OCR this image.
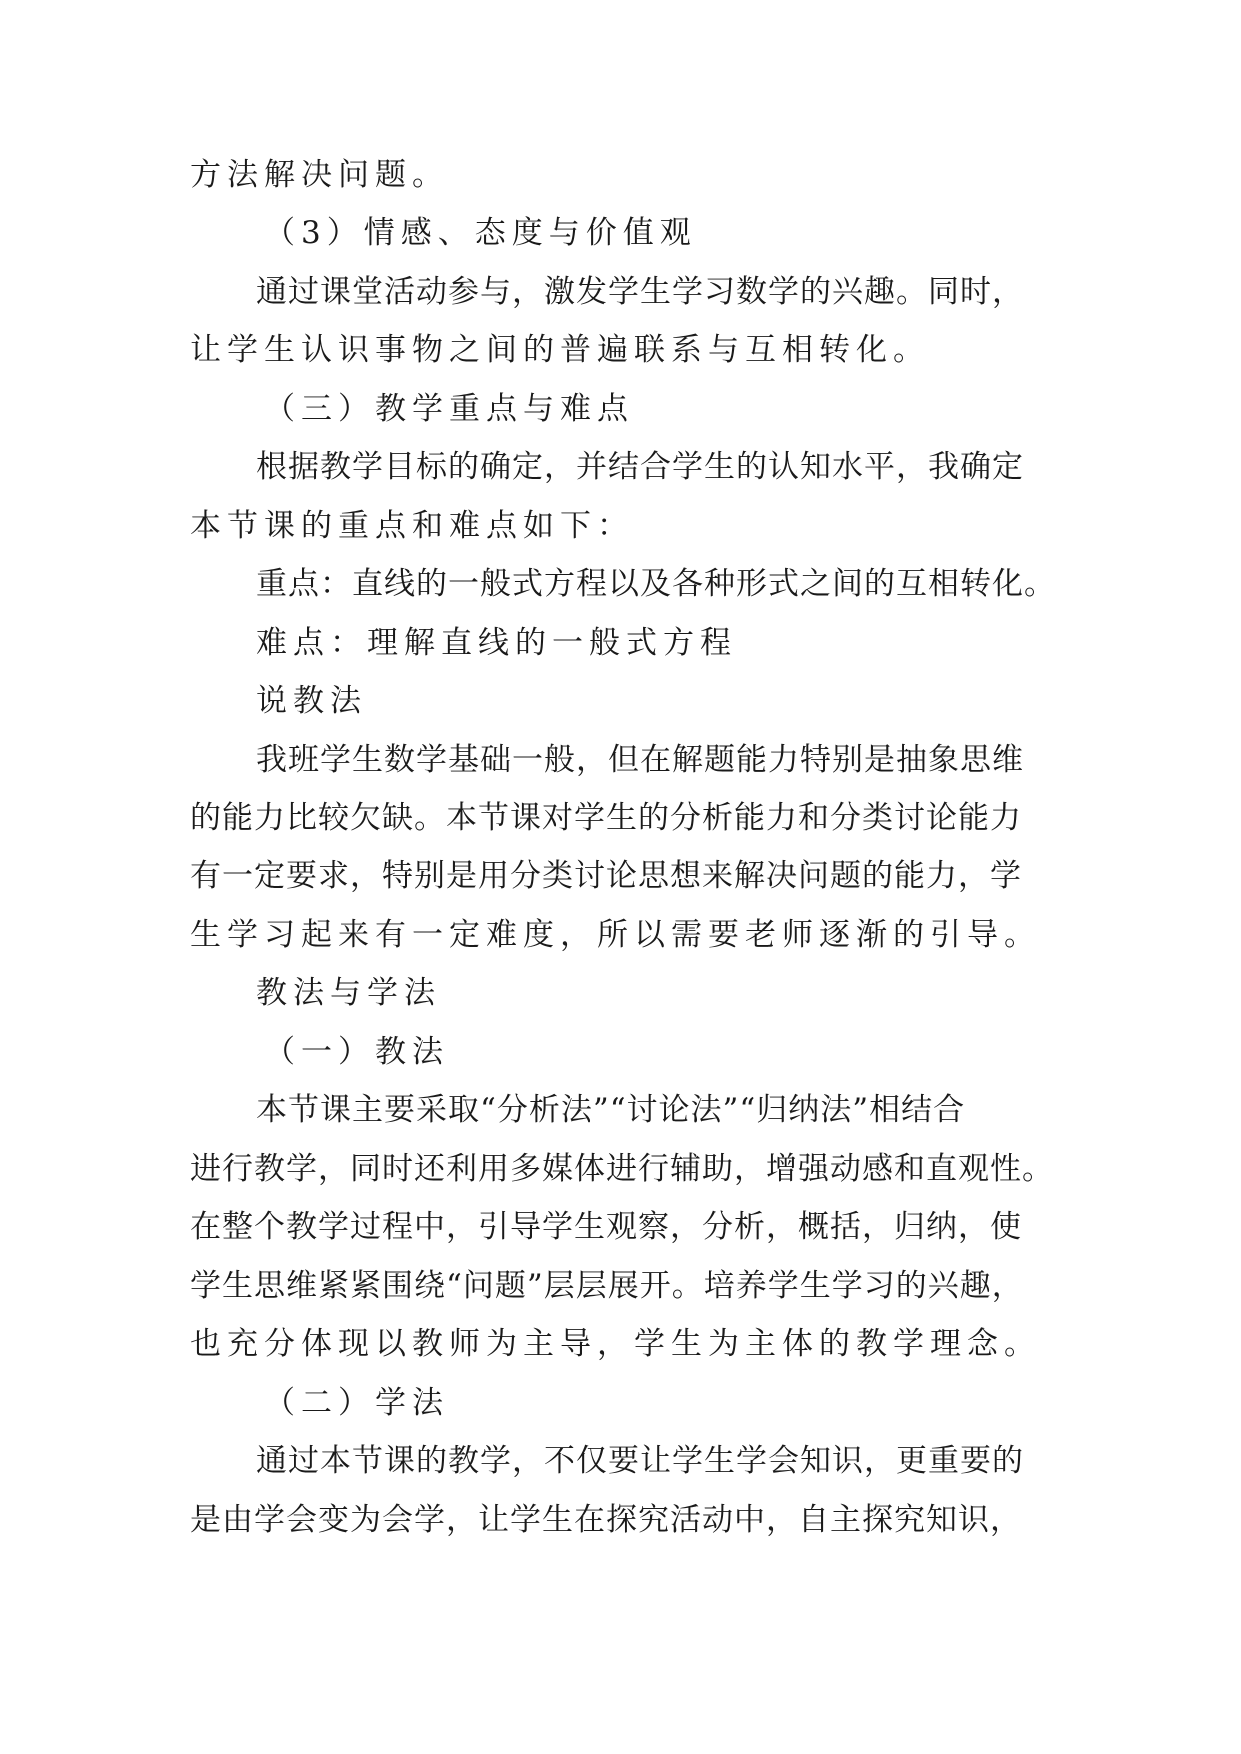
方法解决问题。
（3）情感、态度与价值观
通过课堂活动参与，激发学生学习数学的兴趣。同时，
让学生认识事物之间的普遍联系与互相转化。
（三）教学重点与难点
根据教学目标的确定，并结合学生的认知水平，我确定
本节课的重点和难点如下：
重点：直线的一般式方程以及各种形式之间的互相转化。
难点：理解直线的一般式方程
说教法
我班学生数学基础一般，但在解题能力特别是抽象思维
的能力比较欠缺。本节课对学生的分析能力和分类讨论能力
有一定要求，特别是用分类讨论思想来解决问题的能力，学
生学习起来有一定难度，所以需要老师逐渐的引导。
教法与学法
（一）教法
本节课主要采取“分析法”“讨论法”“归纳法”相结合
进行教学，同时还利用多媒体进行辅助，增强动感和直观性。
在整个教学过程中，引导学生观察，分析，概括，归纳，使
学生思维紧紧围绕“问题”层层展开。培养学生学习的兴趣，
也充分体现以教师为主导，学生为主体的教学理念。
（二）学法
通过本节课的教学，不仅要让学生学会知识，更重要的
是由学会变为会学，让学生在探究活动中，自主探究知识，
